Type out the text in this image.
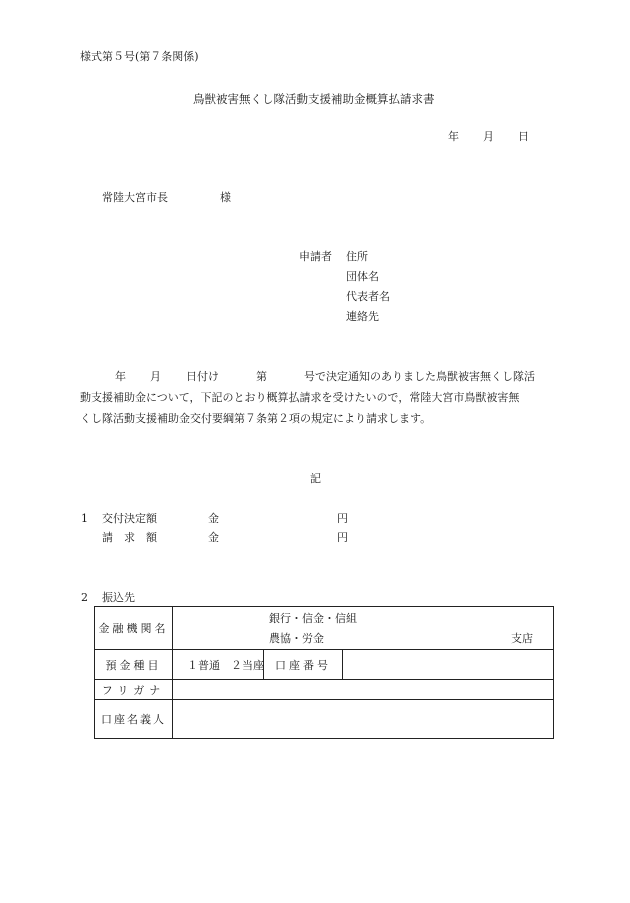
様式第５号(第７条関係)
鳥獣被害無くし隊活動支援補助金概算払請求書
年 月 日
常陸大宮市長	様
申請者 住所
団体名
代表者名
連絡先
年 月 日付け	第	号で決定通知のありました鳥獣被害無くし隊活
動支援補助金について，下記のとおり概算払請求を受けたいので，常陸大宮市鳥獣被害無
くし隊活動支援補助金交付要綱第７条第２項の規定により請求します。
記
1 交付決定額	金	円
請　求　額	金	円
2 振込先
金融機関名	銀行・信金・信組
農協・労金 支店		

預金種目	１普通　２当座	口座番号	
フリガナ			
口座名義人			
